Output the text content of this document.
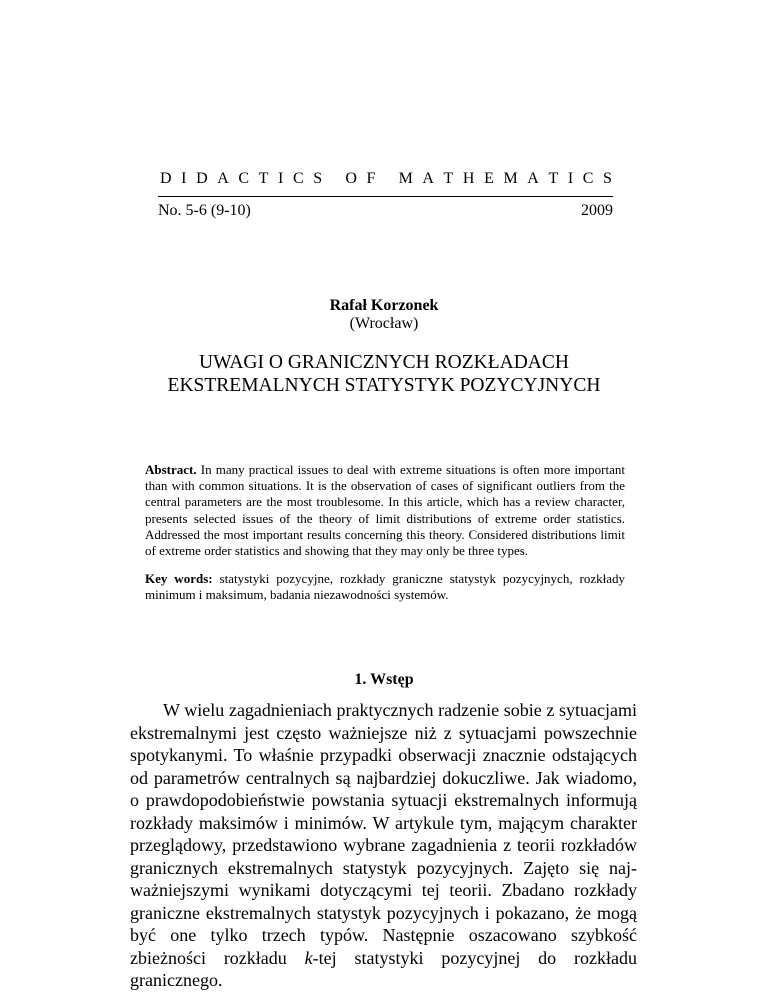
D I D A C T I C S
O F
M A T H E M A T I C S
No. 5-6 (9-10)	2009
Rafał Korzonek
(Wrocław)
UWAGI O GRANICZNYCH ROZKŁADACH
EKSTREMALNYCH STATYSTYK POZYCYJNYCH
Abstract. In many practical issues to deal with extreme situations is often more important than with common situations. It is the observation of cases of significant outliers from the central parameters are the most troublesome. In this article, which has a review character, presents selected issues of the theory of limit distributions of extreme order statistics. Addressed the most important results concerning this theory. Considered distributions limit of extreme order statistics and showing that they may only be three types.
Key words: statystyki pozycyjne, rozkłady graniczne statystyk pozycyjnych, rozkłady minimum i maksimum, badania niezawodności systemów.
1. Wstęp
W wielu zagadnieniach praktycznych radzenie sobie z sytuacjami ekstremalnymi jest często ważniejsze niż z sytuacjami powszechnie spotykanymi. To właśnie przypadki obserwacji znacznie odstających od parametrów centralnych są najbardziej dokuczliwe. Jak wiadomo, o prawdopodobieństwie powstania sytuacji ekstremalnych informują rozkłady maksimów i minimów. W artykule tym, mającym charakter przeglądowy, przedstawiono wybrane zagadnienia z teorii rozkładów granicznych ekstremalnych statystyk pozycyjnych. Zajęto się najważniejszymi wynikami dotyczącymi tej teorii. Zbadano rozkłady graniczne ekstremalnych statystyk pozycyjnych i pokazano, że mogą być one tylko trzech typów. Następnie oszacowano szybkość zbieżności rozkładu k-tej statystyki pozycyjnej do rozkładu granicznego.
